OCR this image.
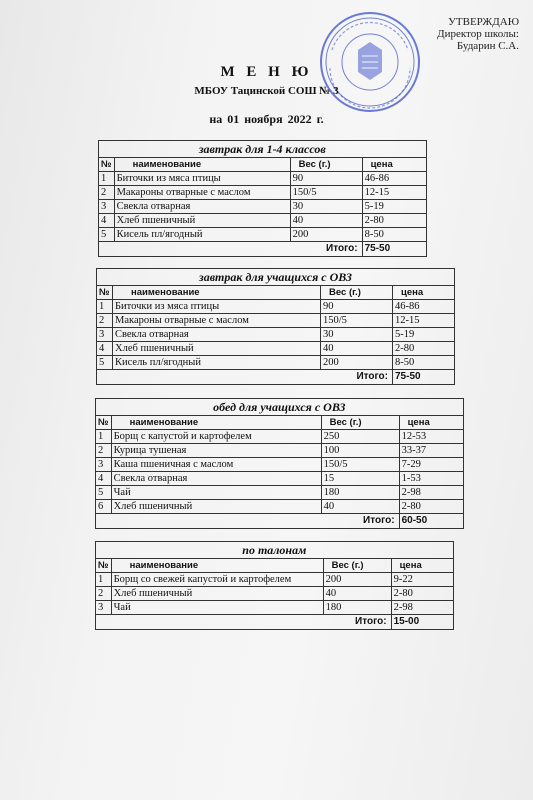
УТВЕРЖДАЮ
Директор школы:
Бударин С.А.
М Е Н Ю
МБОУ Тацинской СОШ № 3
на 01 ноября 2022 г.
завтрак для 1-4 классов			
№	наименование	Вес (г.)	цена
1	Биточки из мяса птицы	90	46-86
2	Макароны отварные с маслом	150/5	12-15
3	Свекла отварная	30	5-19
4	Хлеб пшеничный	40	2-80
5	Кисель пл/ягодный	200	8-50
Итого:			75-50
завтрак для учащихся с ОВЗ			
№	наименование	Вес (г.)	цена
1	Биточки из мяса птицы	90	46-86
2	Макароны отварные с маслом	150/5	12-15
3	Свекла отварная	30	5-19
4	Хлеб пшеничный	40	2-80
5	Кисель пл/ягодный	200	8-50
Итого:			75-50
обед для учащихся с ОВЗ			
№	наименование	Вес (г.)	цена
1	Борщ с капустой и картофелем	250	12-53
2	Курица тушеная	100	33-37
3	Каша пшеничная с маслом	150/5	7-29
4	Свекла отварная	15	1-53
5	Чай	180	2-98
6	Хлеб пшеничный	40	2-80
Итого:			60-50
по талонам			
№	наименование	Вес (г.)	цена
1	Борщ со свежей капустой и картофелем	200	9-22
2	Хлеб пшеничный	40	2-80
3	Чай	180	2-98
Итого:			15-00
